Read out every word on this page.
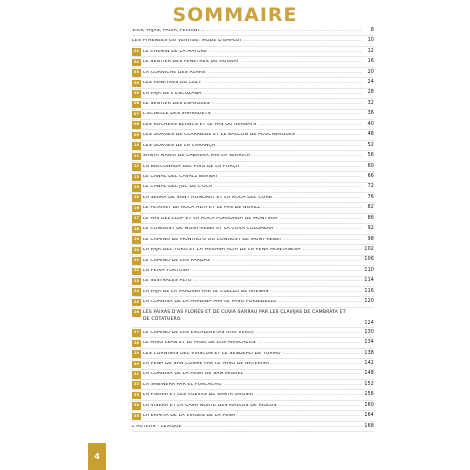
SOMMAIRE
VIAS, FAJAS, FAIXA, FEIXANT... .....	8
LES PYRÉNÉES OU VERTIGE: MODE D'EMPLOI .....	10
01 LE CHEMIN DE LA MATURE .....	12
02 LE SENTIER DES FENÊTRES DU HOURAT .....	16
03 LA CORNICHE DES ALHAS .....	20
04 LES FENÊTRES DU CÉZY .....	24
05 LA FAJA DE L'ESCUZANA .....	28
06 LE SENTIER DES ESPUGUES .....	32
07 L'ÉCHELLE DES SARRADETS .....	36
08 LES ROCHERS BLANCS ET LE PAS DU GERBATS .....	40
09 LES GORGES DE CLARABIDE ET LE BALCON DE POUCHERGUES .....	48
10 LES GORGES DE LA CARANÇA .....	52
11 SANTA MARIA DE CABRERA PAR LA SERRICA .....	56
12 LA BALCONADA DEL PUIG DE LA FORÇA .....	60
13 LE CANAL DEL CAVALL BERNAT .....	66
14 LE CANAL DEL JOC DE L'OCA .....	72
15 LA SERRA DE SANT HONORAT ET LA ROCA DEL CORB .....	76
16 LE FEIXANT DE ROCA ALTA ET LE PAS DE NORILL .....	82
17 LE PAS DEL LLOP ET LA ROCA FORADADA DE MONTSOR .....	86
18 LE CONGOST DE MONT-REBEI ET LA COVA COLOMERA .....	92
19 LE CAMINO DE MONTALTO OU CONGOST DE MONT-REBEI .....	98
20 LA FAJA DEL TORO ET LA FAIXANA ALTA DE LA PEÑA MONTAÑESA .....	102
21 LE CAMINO DE LAS PARDAS .....	106
22 LA FEIXA TORTOSA .....	110
23 LE SESTRALES ALTO .....	114
24 LA FAJA DE LA PARDINA PAR LE CUELLO DE ARENAS .....	116
25 LA CORNISA DE LA PARDINA PAR LE PASO FORNIDELLO .....	120
26 LES FAIXAS D'AS FLORES ET DE CUVIA SARRAU PAR LES CLAVIJAS DE CAMBRATA ET DE COTATUERO .....
124
27 LE CAMINO DE LAS ESCALERETAS (RIO VERO) .....	130
28 LE PASO LEAN ET LE PASO DE LOS ARISCAZOS .....	134
29 LES CORNISAS DEL VIASCUN ET LE SENDERO DE TURMO .....	138
30 LA PEÑA DE SAN COSME PAR LE PASO DE NATERISA .....	142
31 LA CORNISA DE LA PEÑA DE SAN MIGUEL .....	148
32 LA SABINERA PAR EL FURCACHO .....	152
33 LA FISURA ET LES CUEVAS DE SANTA OROSIA .....	156
34 LA VISERA ET LA CARA NORTE DES MALLOS DE RIGLOS .....	160
35 LA ERMITA DE LA VIRGEN DE LA PEÑA .....	164
L'AUTEUR - LEXIQUE .....	168
4
